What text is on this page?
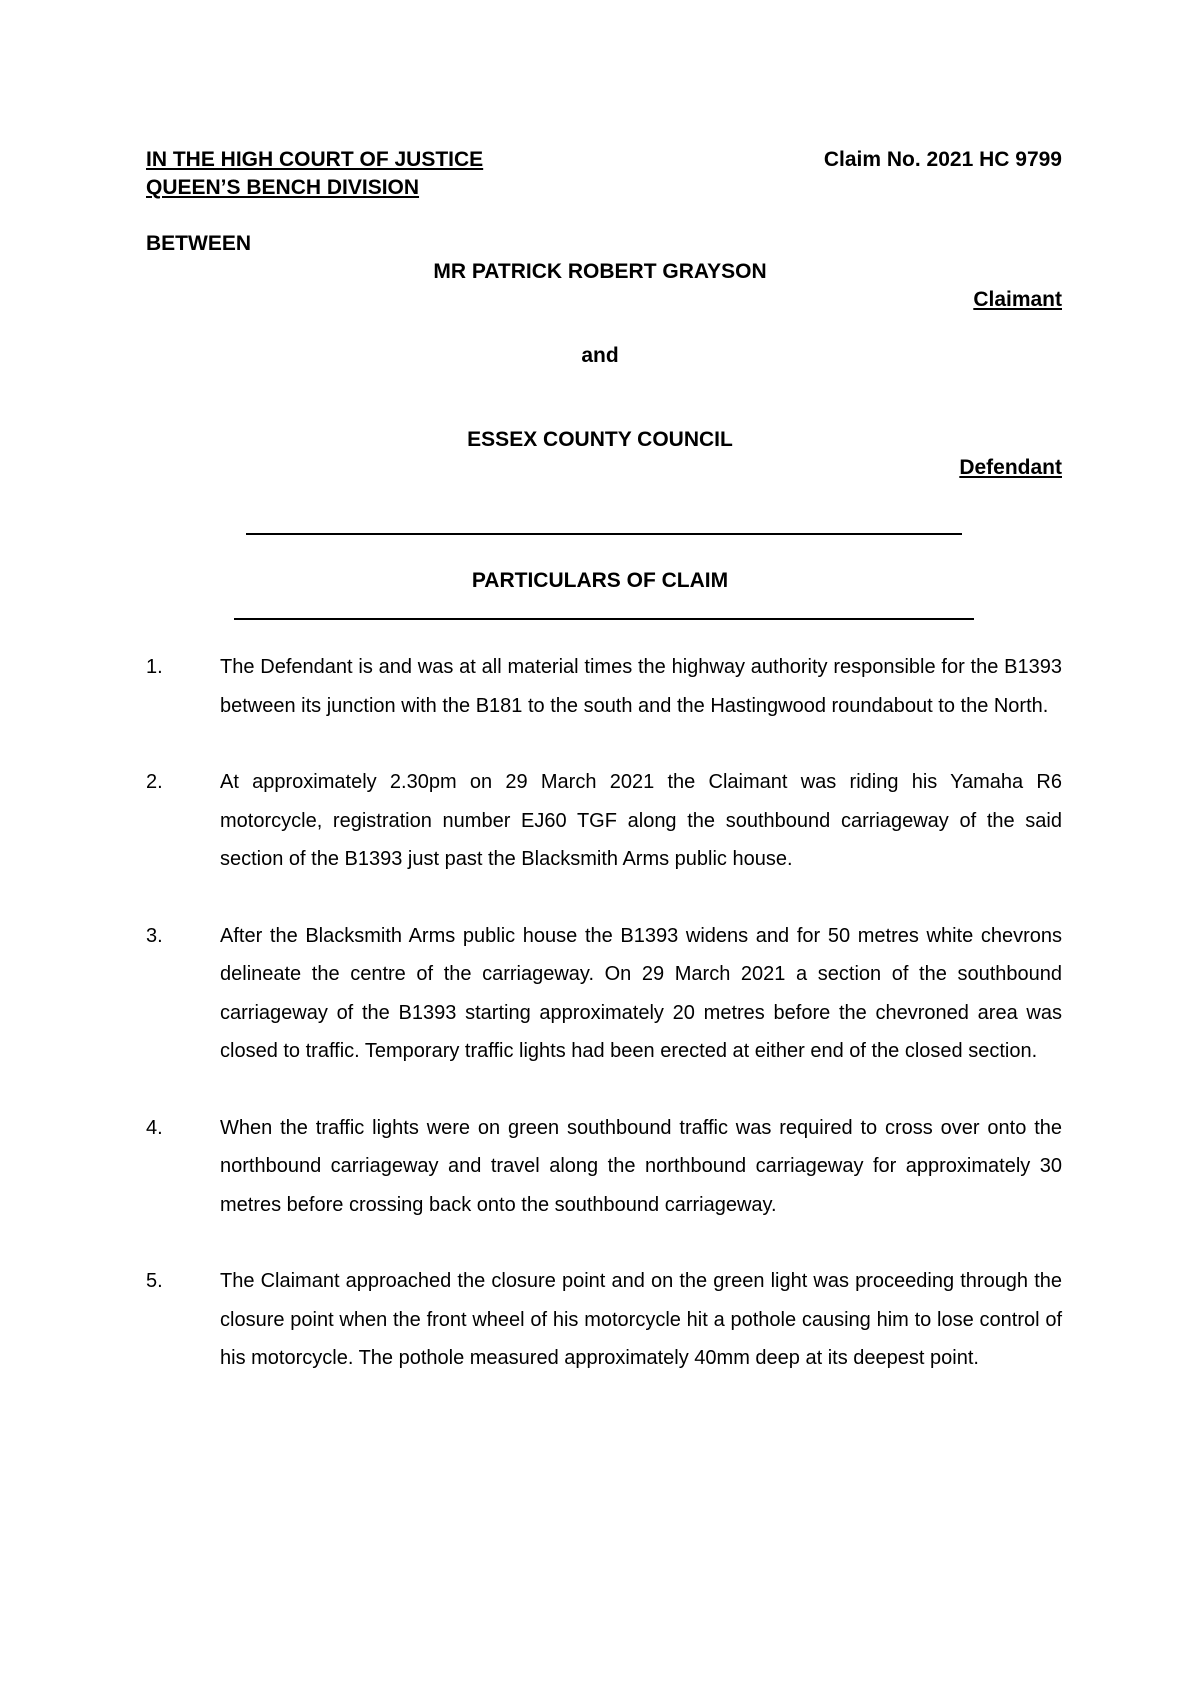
IN THE HIGH COURT OF JUSTICE
QUEEN’S BENCH DIVISION
Claim No. 2021 HC 9799
BETWEEN
MR PATRICK ROBERT GRAYSON
Claimant
and
ESSEX COUNTY COUNCIL
Defendant
PARTICULARS OF CLAIM
1.	The Defendant is and was at all material times the highway authority responsible for the B1393 between its junction with the B181 to the south and the Hastingwood roundabout to the North.
2.	At approximately 2.30pm on 29 March 2021 the Claimant was riding his Yamaha R6 motorcycle, registration number EJ60 TGF along the southbound carriageway of the said section of the B1393 just past the Blacksmith Arms public house.
3.	After the Blacksmith Arms public house the B1393 widens and for 50 metres white chevrons delineate the centre of the carriageway. On 29 March 2021 a section of the southbound carriageway of the B1393 starting approximately 20 metres before the chevroned area was closed to traffic. Temporary traffic lights had been erected at either end of the closed section.
4.	When the traffic lights were on green southbound traffic was required to cross over onto the northbound carriageway and travel along the northbound carriageway for approximately 30 metres before crossing back onto the southbound carriageway.
5.	The Claimant approached the closure point and on the green light was proceeding through the closure point when the front wheel of his motorcycle hit a pothole causing him to lose control of his motorcycle. The pothole measured approximately 40mm deep at its deepest point.
